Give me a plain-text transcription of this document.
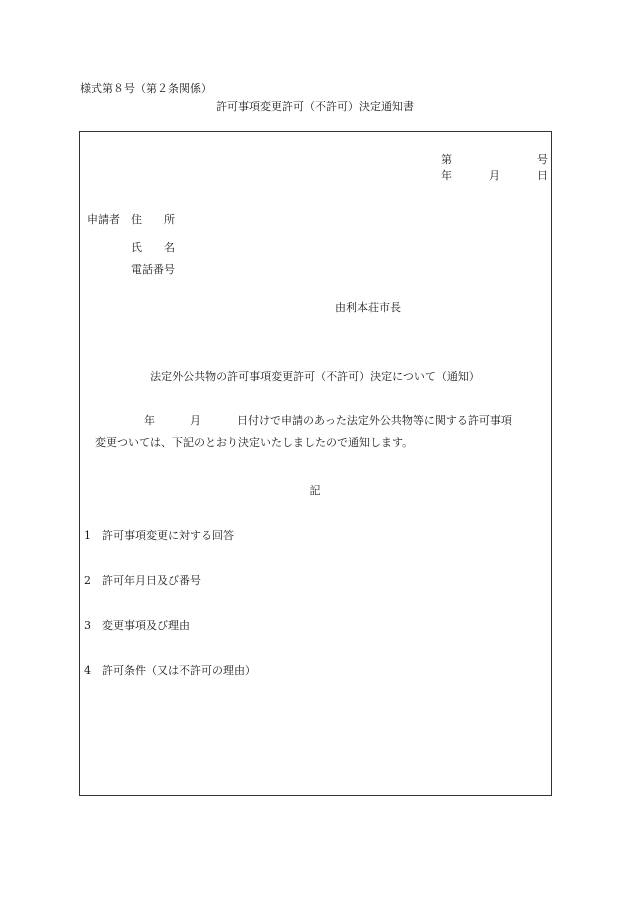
様式第８号（第２条関係）
許可事項変更許可（不許可）決定通知書
第	号
年	月	日
申請者 住 所
氏 名
電話番号
由利本荘市長
法定外公共物の許可事項変更許可（不許可）決定について（通知）
年	月	日付けで申請のあった法定外公共物等に関する許可事項
変更ついては、下記のとおり決定いたしましたので通知します。
記
1 許可事項変更に対する回答
2 許可年月日及び番号
3 変更事項及び理由
4 許可条件（又は不許可の理由）
